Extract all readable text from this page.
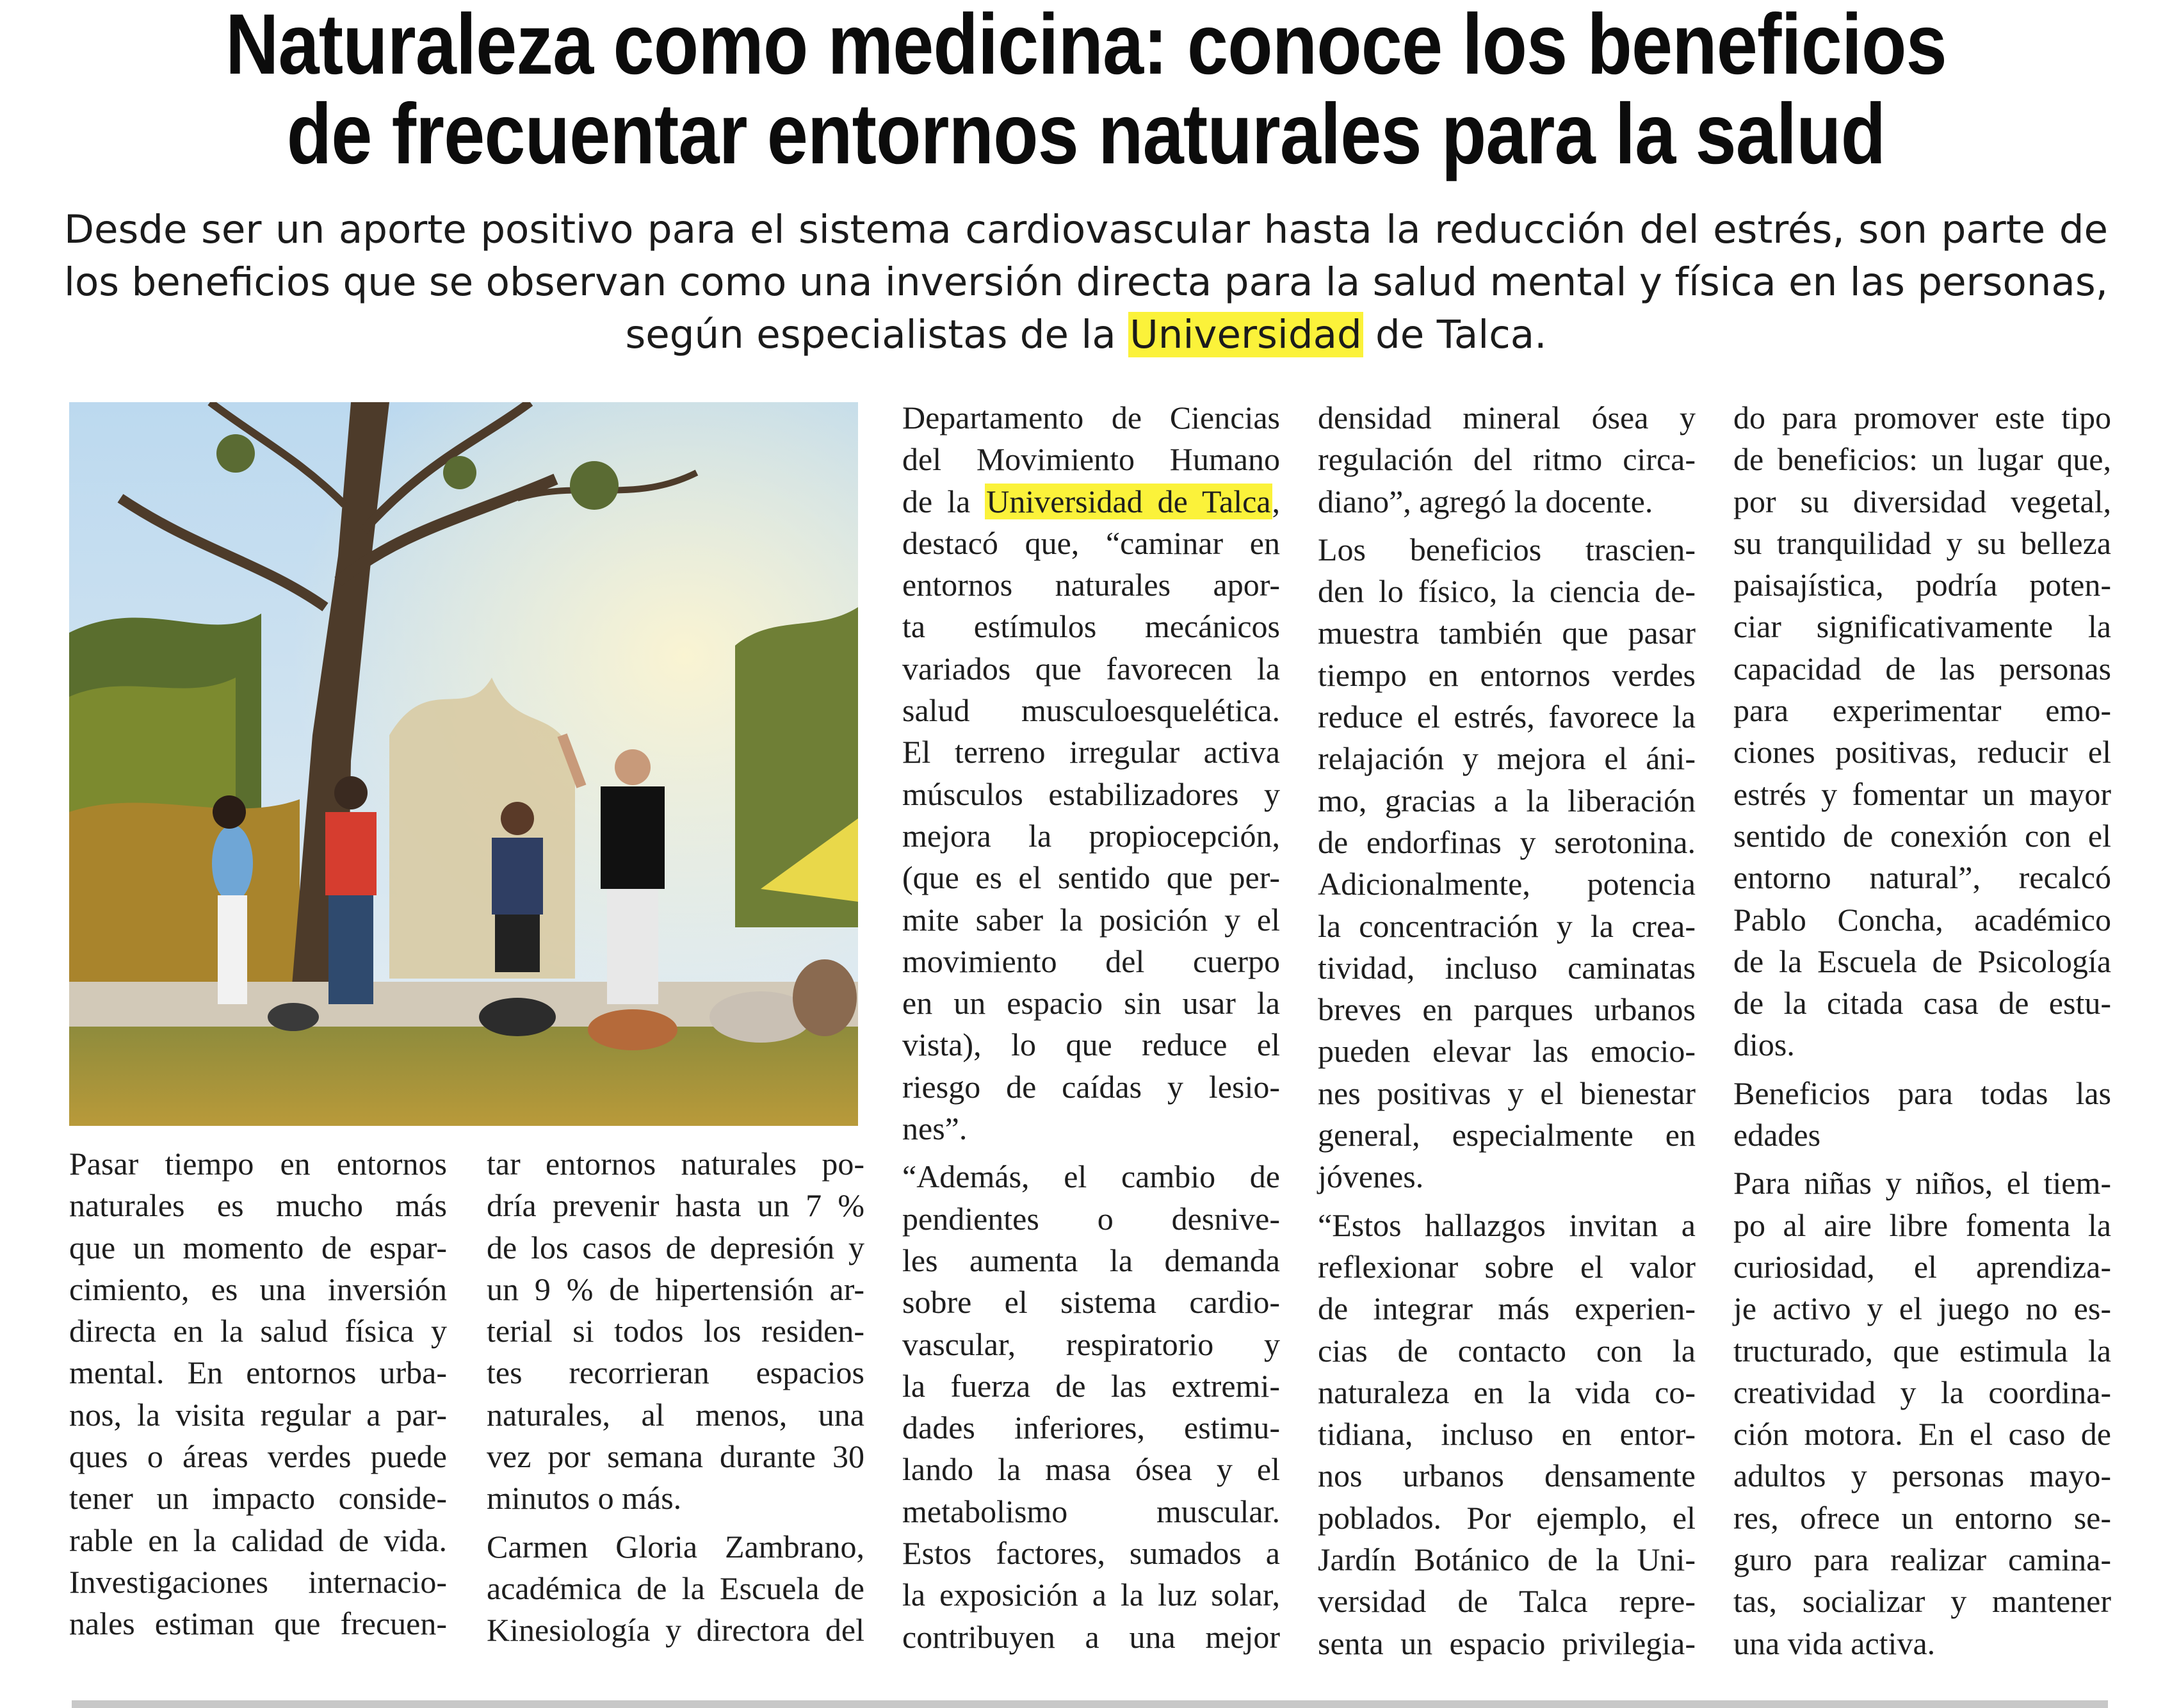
Naturaleza como medicina: conoce los beneficios
de frecuentar entornos naturales para la salud

Desde ser un aporte positivo para el sistema cardiovascular hasta la reducción del estrés, son parte de
los beneficios que se observan como una inversión directa para la salud mental y física en las personas,
según especialistas de la Universidad de Talca.

Pasar tiempo en entornos
naturales es mucho más
que un momento de espar-
cimiento, es una inversión
directa en la salud física y
mental. En entornos urba-
nos, la visita regular a par-
ques o áreas verdes puede
tener un impacto conside-
rable en la calidad de vida.
Investigaciones internacio-
nales estiman que frecuen-

tar entornos naturales po-
dría prevenir hasta un 7 %
de los casos de depresión y
un 9 % de hipertensión ar-
terial si todos los residen-
tes recorrieran espacios
naturales, al menos, una
vez por semana durante 30
minutos o más.

Carmen Gloria Zambrano,
académica de la Escuela de
Kinesiología y directora del

Departamento de Ciencias
del Movimiento Humano
de la Universidad de Talca,
destacó que, “caminar en
entornos naturales apor-
ta estímulos mecánicos
variados que favorecen la
salud musculoesquelética.
El terreno irregular activa
músculos estabilizadores y
mejora la propiocepción,
(que es el sentido que per-
mite saber la posición y el
movimiento del cuerpo
en un espacio sin usar la
vista), lo que reduce el
riesgo de caídas y lesio-
nes”.

“Además, el cambio de
pendientes o desnive-
les aumenta la demanda
sobre el sistema cardio-
vascular, respiratorio y
la fuerza de las extremi-
dades inferiores, estimu-
lando la masa ósea y el
metabolismo muscular.
Estos factores, sumados a
la exposición a la luz solar,
contribuyen a una mejor

densidad mineral ósea y
regulación del ritmo circa-
diano”, agregó la docente.

Los beneficios trascien-
den lo físico, la ciencia de-
muestra también que pasar
tiempo en entornos verdes
reduce el estrés, favorece la
relajación y mejora el áni-
mo, gracias a la liberación
de endorfinas y serotonina.
Adicionalmente, potencia
la concentración y la crea-
tividad, incluso caminatas
breves en parques urbanos
pueden elevar las emocio-
nes positivas y el bienestar
general, especialmente en
jóvenes.

“Estos hallazgos invitan a
reflexionar sobre el valor
de integrar más experien-
cias de contacto con la
naturaleza en la vida co-
tidiana, incluso en entor-
nos urbanos densamente
poblados. Por ejemplo, el
Jardín Botánico de la Uni-
versidad de Talca repre-
senta un espacio privilegia-

do para promover este tipo
de beneficios: un lugar que,
por su diversidad vegetal,
su tranquilidad y su belleza
paisajística, podría poten-
ciar significativamente la
capacidad de las personas
para experimentar emo-
ciones positivas, reducir el
estrés y fomentar un mayor
sentido de conexión con el
entorno natural”, recalcó
Pablo Concha, académico
de la Escuela de Psicología
de la citada casa de estu-
dios.

Beneficios para todas las
edades

Para niñas y niños, el tiem-
po al aire libre fomenta la
curiosidad, el aprendiza-
je activo y el juego no es-
tructurado, que estimula la
creatividad y la coordina-
ción motora. En el caso de
adultos y personas mayo-
res, ofrece un entorno se-
guro para realizar camina-
tas, socializar y mantener
una vida activa.
